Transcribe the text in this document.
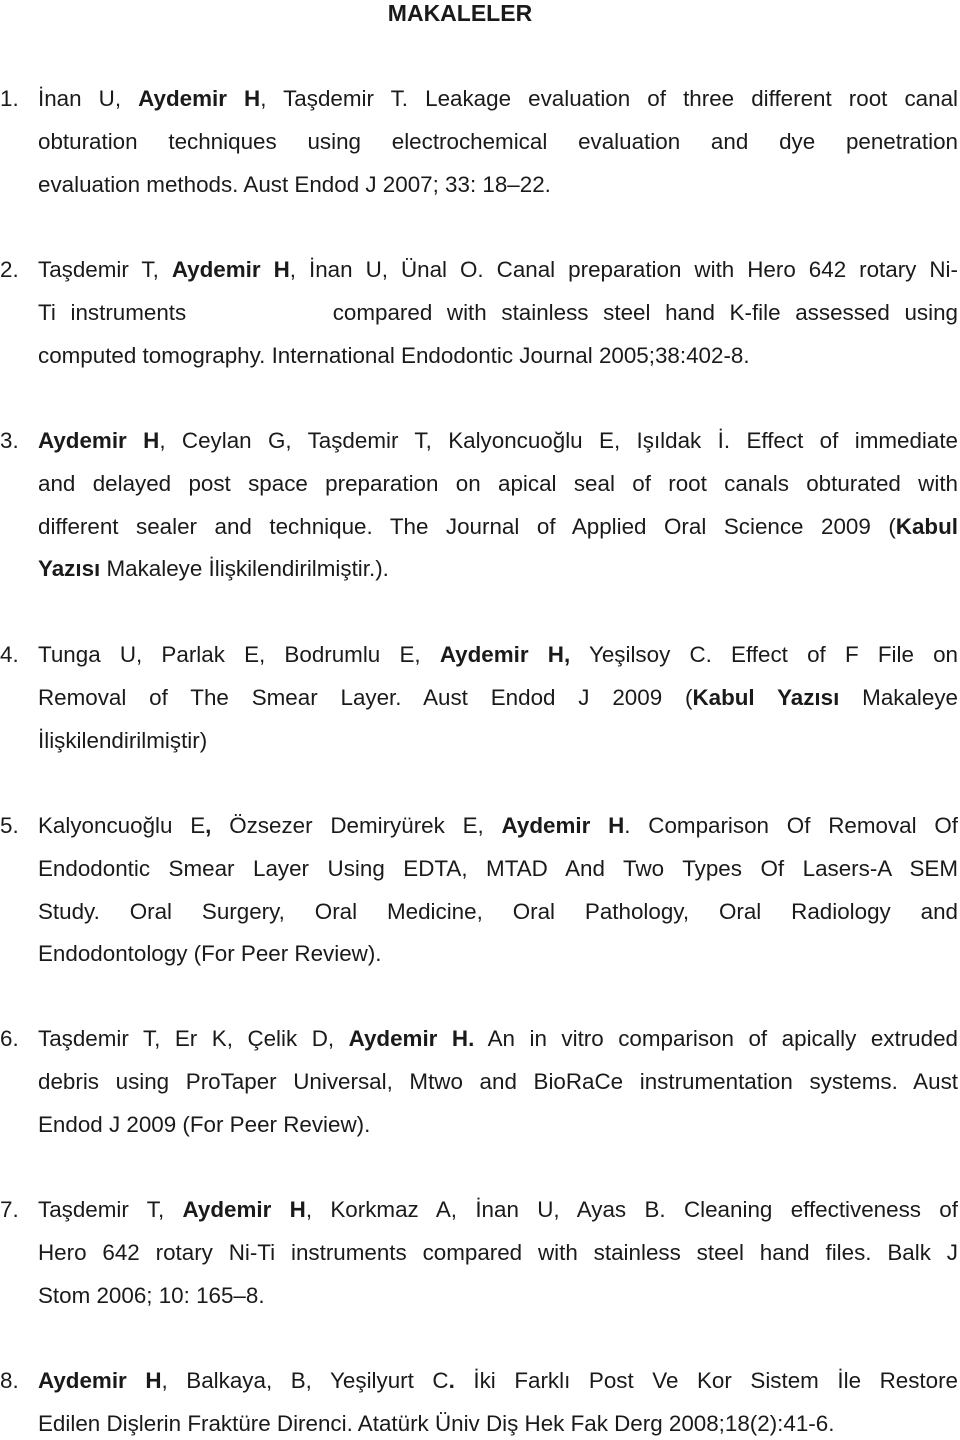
MAKALELER
1. İnan U, Aydemir H, Taşdemir T. Leakage evaluation of three different root canal
obturation techniques using electrochemical evaluation and dye penetration
evaluation methods. Aust Endod J 2007; 33: 18–22.
2. Taşdemir T, Aydemir H, İnan U, Ünal O. Canal preparation with Hero 642 rotary Ni-
Ti instruments          compared with stainless steel hand K-file assessed using
computed tomography. International Endodontic Journal 2005;38:402-8.
3. Aydemir H, Ceylan G, Taşdemir T, Kalyoncuoğlu E, Işıldak İ. Effect of immediate
and delayed post space preparation on apical seal of root canals obturated with
different sealer and technique. The Journal of Applied Oral Science 2009 (Kabul
Yazısı Makaleye İlişkilendirilmiştir.).
4. Tunga U, Parlak E, Bodrumlu E, Aydemir H, Yeşilsoy C. Effect of F File on
Removal of The Smear Layer. Aust Endod J 2009 (Kabul Yazısı Makaleye
İlişkilendirilmiştir)
5. Kalyoncuoğlu E, Özsezer Demiryürek E, Aydemir H. Comparison Of Removal Of
Endodontic Smear Layer Using EDTA, MTAD And Two Types Of Lasers-A SEM
Study. Oral Surgery, Oral Medicine, Oral Pathology, Oral Radiology and
Endodontology (For Peer Review).
6. Taşdemir T, Er K, Çelik D, Aydemir H. An in vitro comparison of apically extruded
debris using ProTaper Universal, Mtwo and BioRaCe instrumentation systems. Aust
Endod J 2009 (For Peer Review).
7. Taşdemir T, Aydemir H, Korkmaz A, İnan U, Ayas B. Cleaning effectiveness of
Hero 642 rotary Ni-Ti instruments compared with stainless steel hand files. Balk J
Stom 2006; 10: 165–8.
8. Aydemir H, Balkaya, B, Yeşilyurt C. İki Farklı Post Ve Kor Sistem İle Restore
Edilen Dişlerin Fraktüre Direnci. Atatürk Üniv Diş Hek Fak Derg 2008;18(2):41-6.
